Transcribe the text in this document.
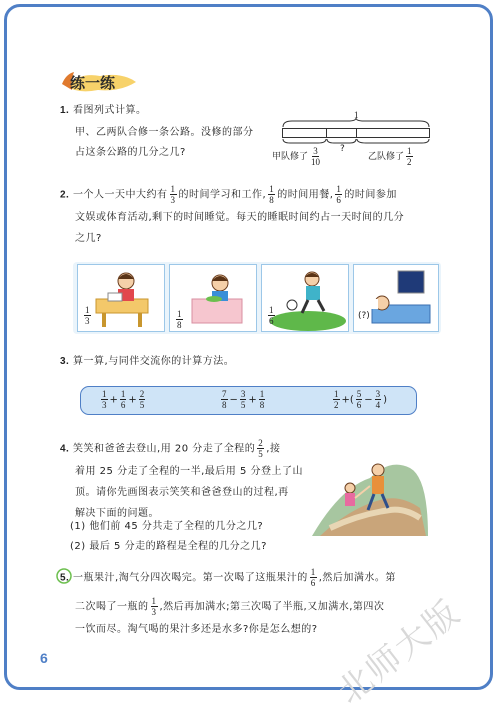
练一练
1. 看图列式计算。
甲、乙两队合修一条公路。没修的部分
占这条公路的几分之几?
1
甲队修了 $\frac{3}{10}$ ?
乙队修了 $\frac{1}{2}$
2. 一个人一天中大约有 $\frac{1}{3}$ 的时间学习和工作, $\frac{1}{8}$ 的时间用餐, $\frac{1}{6}$ 的时间参加
文娱或体育活动,剩下的时间睡觉。每天的睡眠时间约占一天时间的几分
之几?
$\frac{1}{3}$	$\frac{1}{8}$	$\frac{1}{6}$	(?)
3. 算一算,与同伴交流你的计算方法。
$\frac{1}{3} + \frac{1}{6} + \frac{2}{5}$	$\frac{7}{8} - \frac{3}{5} + \frac{1}{8}$	$\frac{1}{2}$ +( $\frac{5}{6} - \frac{3}{4}$ )
4. 笑笑和爸爸去登山,用 20 分走了全程的 $\frac{2}{5}$ ,接
着用 25 分走了全程的一半,最后用 5 分登上了山
顶。请你先画图表示笑笑和爸爸登山的过程,再
解决下面的问题。
(1) 他们前 45 分共走了全程的几分之几?
(2) 最后 5 分走的路程是全程的几分之几?
5. 一瓶果汁,淘气分四次喝完。第一次喝了这瓶果汁的 $\frac{1}{6}$ ,然后加满水。第
二次喝了一瓶的 $\frac{1}{3}$ ,然后再加满水;第三次喝了半瓶,又加满水,第四次
一饮而尽。淘气喝的果汁多还是水多?你是怎么想的?
6	北师大版
